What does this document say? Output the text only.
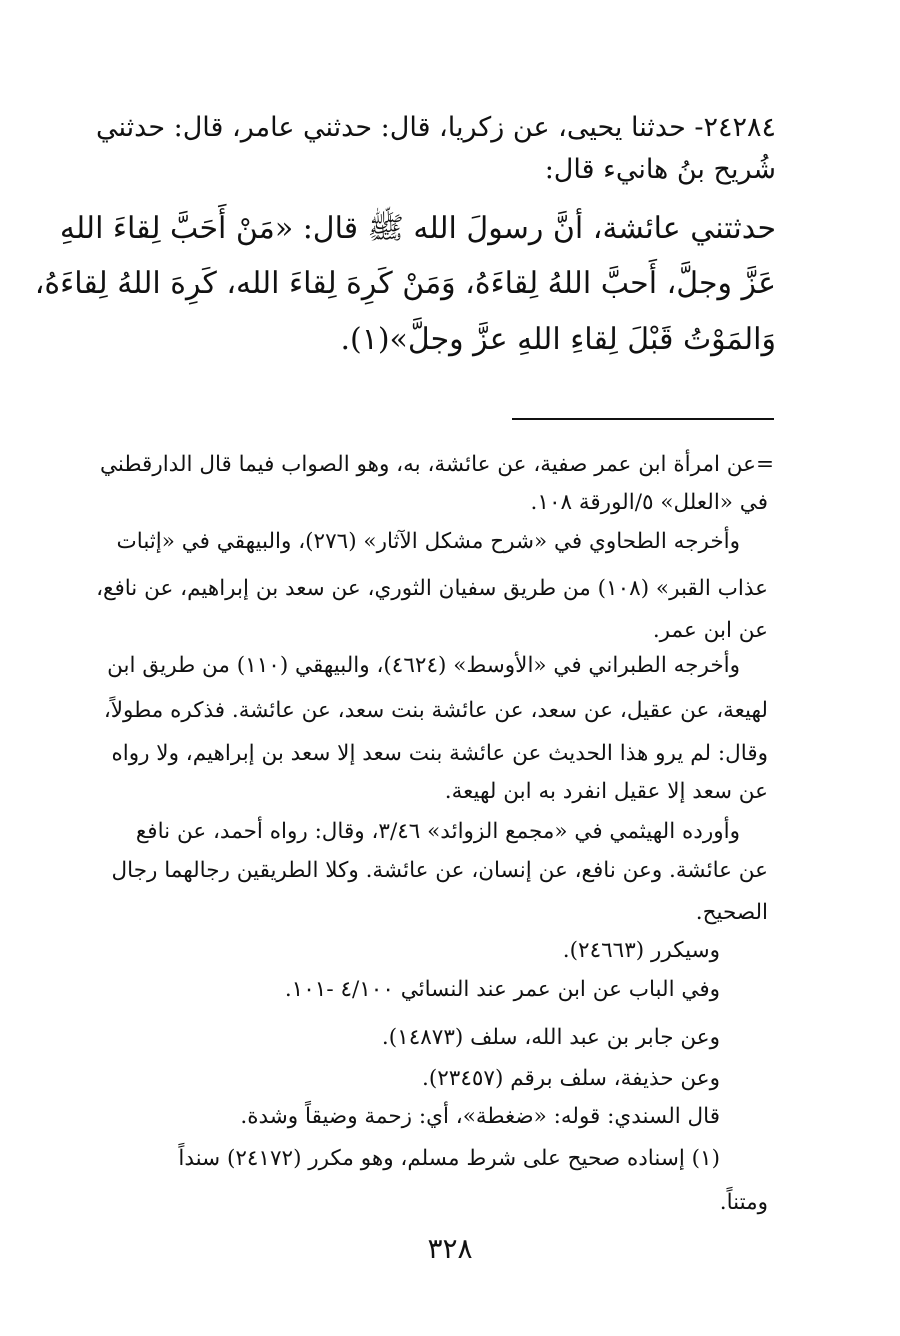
٢٤٢٨٤- حدثنا يحيى، عن زكريا، قال: حدثني عامر، قال: حدثني
شُريح بنُ هانيء قال:
حدثتني عائشة، أنَّ رسولَ الله ﷺ قال: «مَنْ أَحَبَّ لِقاءَ اللهِ
عَزَّ وجلَّ، أَحبَّ اللهُ لِقاءَهُ، وَمَنْ كَرِهَ لِقاءَ الله، كَرِهَ اللهُ لِقاءَهُ،
وَالمَوْتُ قَبْلَ لِقاءِ اللهِ عزَّ وجلَّ»(١).
=عن امرأة ابن عمر صفية، عن عائشة، به، وهو الصواب فيما قال الدارقطني
في «العلل» ٥/الورقة ١٠٨.
وأخرجه الطحاوي في «شرح مشكل الآثار» (٢٧٦)، والبيهقي في «إثبات
عذاب القبر» (١٠٨) من طريق سفيان الثوري، عن سعد بن إبراهيم، عن نافع،
عن ابن عمر.
وأخرجه الطبراني في «الأوسط» (٤٦٢٤)، والبيهقي (١١٠) من طريق ابن
لهيعة، عن عقيل، عن سعد، عن عائشة بنت سعد، عن عائشة. فذكره مطولاً،
وقال: لم يرو هذا الحديث عن عائشة بنت سعد إلا سعد بن إبراهيم، ولا رواه
عن سعد إلا عقيل انفرد به ابن لهيعة.
وأورده الهيثمي في «مجمع الزوائد» ٣/٤٦، وقال: رواه أحمد، عن نافع
عن عائشة. وعن نافع، عن إنسان، عن عائشة. وكلا الطريقين رجالهما رجال
الصحيح.
وسيكرر (٢٤٦٦٣).
وفي الباب عن ابن عمر عند النسائي ٤/١٠٠ -١٠١.
وعن جابر بن عبد الله، سلف (١٤٨٧٣).
وعن حذيفة، سلف برقم (٢٣٤٥٧).
قال السندي: قوله: «ضغطة»، أي: زحمة وضيقاً وشدة.
(١) إسناده صحيح على شرط مسلم، وهو مكرر (٢٤١٧٢) سنداً
ومتناً.
٣٢٨
